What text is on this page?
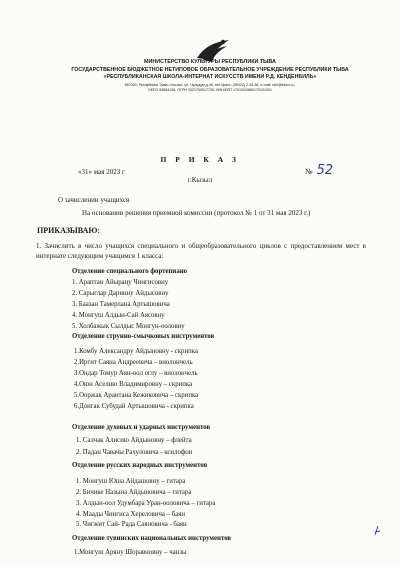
МИНИСТЕРСТВО КУЛЬТУРЫ РЕСПУБЛИКИ ТЫВА
ГОСУДАРСТВЕННОЕ БЮДЖЕТНОЕ НЕТИПОВОЕ ОБРАЗОВАТЕЛЬНОЕ УЧРЕЖДЕНИЕ РЕСПУБЛИКИ ТЫВА
«РЕСПУБЛИКАНСКАЯ ШКОЛА-ИНТЕРНАТ ИСКУССТВ ИМЕНИ Р.Д. КЕНДЕНБИЛЬ»
667000, Республика Тыва, г.Кызыл, ул. Чульдум д.45, тел./факс: (39422) 2-34-36, e-mail: rshi@inbox.ru,
ОКПО 53684138, ОГРН 1021700517726, ИНН/КПП 1701031966/170101001
П Р И К А З
«31» мая 2023 г	№ 52
г.Кызыл
О зачислении учащихся
На основании решения приемной комиссии (протокол № 1 от 31 мая 2023 г.)
ПРИКАЗЫВАЮ:
1. Зачислить в число учащихся специального и общеобразовательного циклов с предоставлением мест в интернате следующим учащимся 1 класса:
Отделение специального фортепиано
1. Араптан Айыраңу Чингисовну
2. Сарыглар Даринну Айдысовну
3. Баазан Тамерлана Артышовича
4. Монгуш Алдын-Сай Аясовну
5. Холбажык Сылдыс Монгун-ооловну
Отделение струнно-смычковых инструментов
1.Комбу Александру Айдыновну - скрипка
2.Иргит Саяна Андреевича – виолончель
3.Ондар Томур Аян-оол оглу – виолончель
4.Оюн Аселию Владимировну – скрипка
5.Ооржак Арантана Кежиковича – скрипка
6.Донгак Субудай Артышовича - скрипка
Отделение духовых и ударных инструментов
1. Салчак Алисию Айдыновну – флейта
2. Падан Чавачы Рахуловича - ксилофон
Отделение русских народных инструментов
1. Монгуш Юша Айдашовну – гитара
2. Бичике Назына Айдыновича – гитара
3. Алдын-оол Удумбара Уран-ооловича – гитара
4. Маады Чингиса Хереловича – баян
5. Чигжит Сай- Рада Саяновича - баян
Отделение тувинских национальных инструментов
1.Монгуш Аряну Шоравновну – чанзы
